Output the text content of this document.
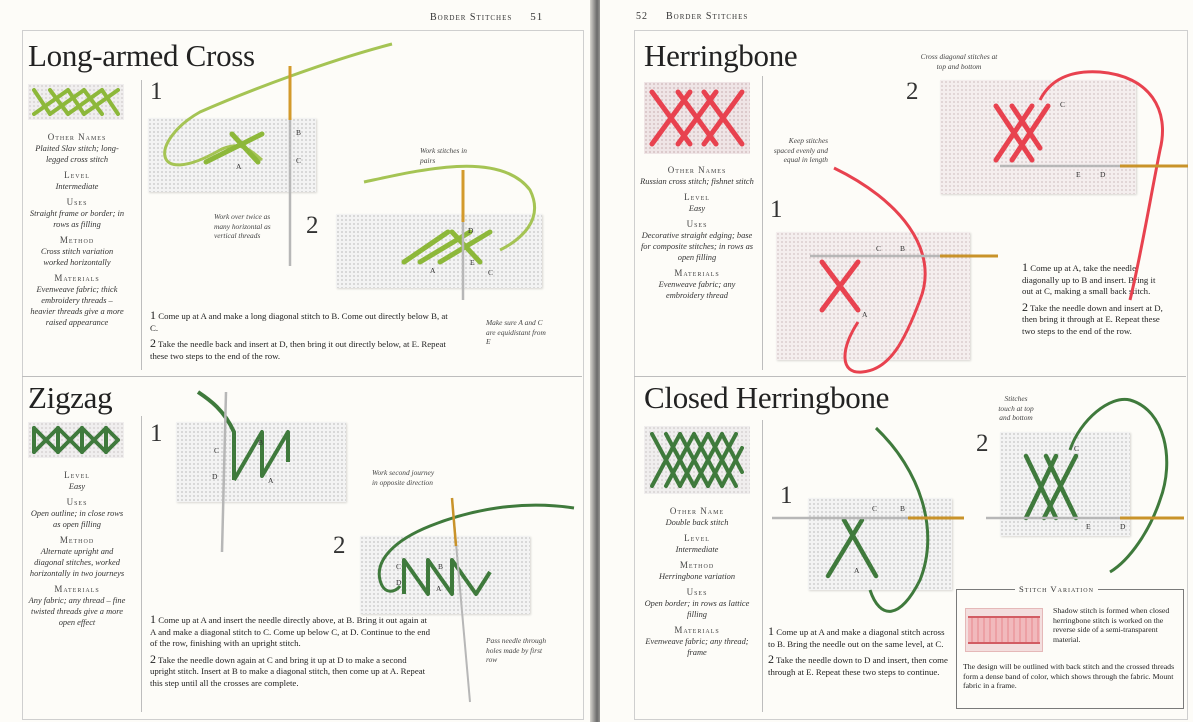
Border Stitches 51
Long-armed Cross
Other Names
Plaited Slav stitch; long-legged cross stitch
Level
Intermediate
Uses
Straight frame or border; in rows as filling
Method
Cross stitch variation worked horizontally
Materials
Evenweave fabric; thick embroidery threads – heavier threads give a more raised appearance
1
2
Work over twice as many horizontal as vertical threads
Work stitches in pairs
Make sure A and C are equidistant from E

1 Come up at A and make a long diagonal stitch to B. Come out directly below B, at C.

2 Take the needle back and insert at D, then bring it out directly below, at E. Repeat these two steps to the end of the row.

Zigzag
Level
Easy
Uses
Open outline; in close rows as open filling
Method
Alternate upright and diagonal stitches, worked horizontally in two journeys
Materials
Any fabric; any thread – fine twisted threads give a more open effect
1
2
Work second journey in opposite direction
Pass needle through holes made by first row

1 Come up at A and insert the needle directly above, at B. Bring it out again at A and make a diagonal stitch to C. Come up below C, at D. Continue to the end of the row, finishing with an upright stitch.

2 Take the needle down again at C and bring it up at D to make a second upright stitch. Insert at B to make a diagonal stitch, then come up at A. Repeat this step until all the crosses are complete.

B
C
A
D
E
A	C
B
C
D	A
C
D
B
A
52 Border Stitches
Herringbone
Other Names
Russian cross stitch; fishnet stitch
Level
Easy
Uses
Decorative straight edging; base for composite stitches; in rows as open filling
Materials
Evenweave fabric; any embroidery thread
1
2
Keep stitches spaced evenly and equal in length
Cross diagonal stitches at top and bottom

1 Come up at A, take the needle diagonally up to B and insert. Bring it out at C, making a small back stitch.

2 Take the needle down and insert at D, then bring it through at E. Repeat these two steps to the end of the row.

Closed Herringbone
Other Name
Double back stitch
Level
Intermediate
Method
Herringbone variation
Uses
Open border; in rows as lattice filling
Materials
Evenweave fabric; any thread; frame
1
2
Stitches touch at top and bottom

1 Come up at A and make a diagonal stitch across to B. Bring the needle out on the same level, at C.

2 Take the needle down to D and insert, then come through at E. Repeat these two steps to continue.

Stitch Variation
Shadow stitch is formed when closed herringbone stitch is worked on the reverse side of a semi-transparent material.
The design will be outlined with back stitch and the crossed threads form a dense band of color, which shows through the fabric. Mount fabric in a frame.
C	B
A
C
E	D
C	B
A
C
E	D
